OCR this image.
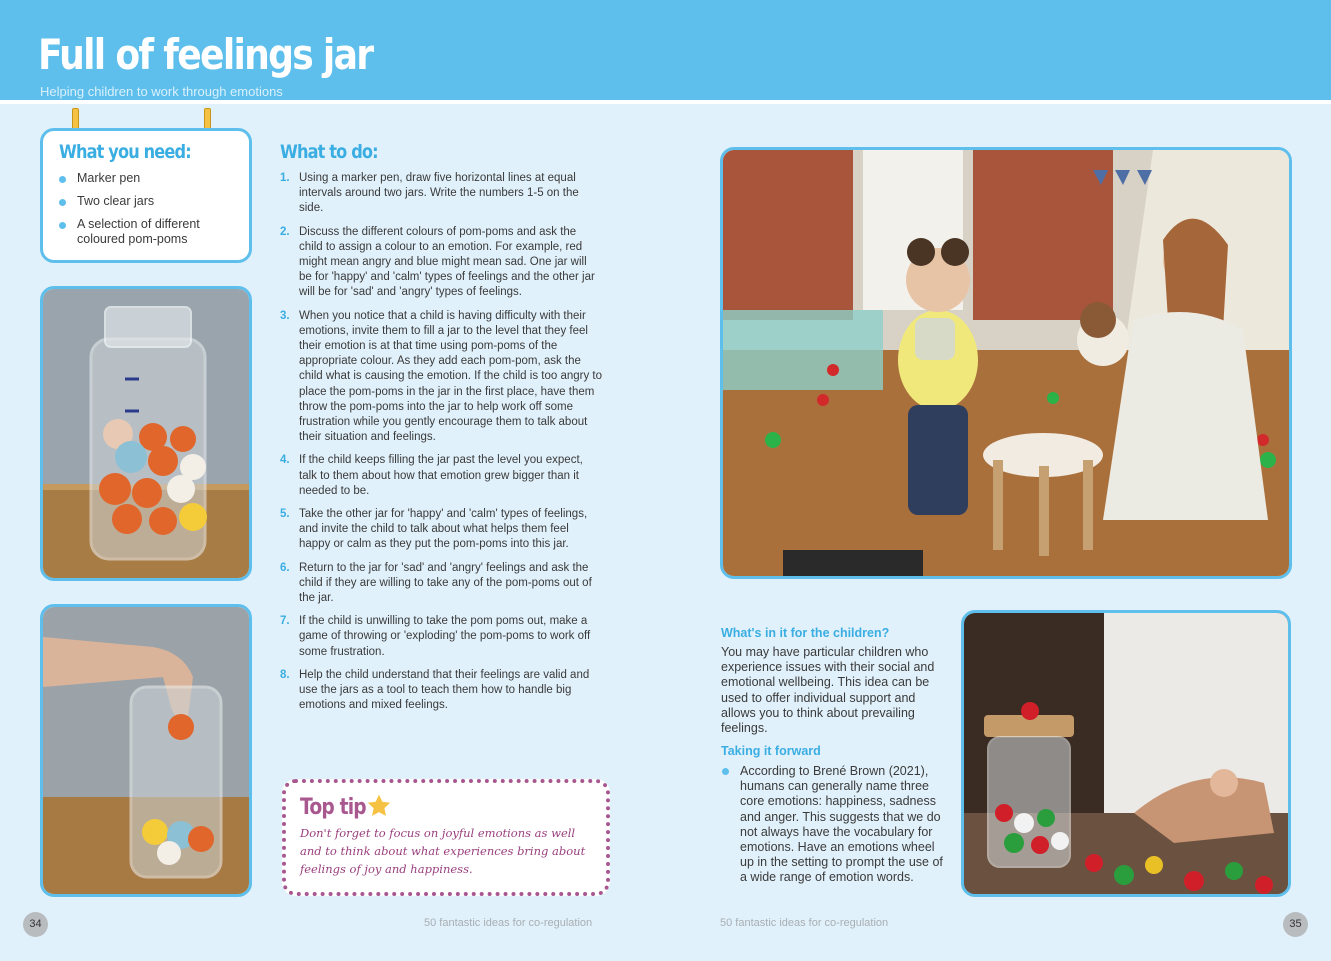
Full of feelings jar
Helping children to work through emotions
What you need:
Marker pen
Two clear jars
A selection of different coloured pom-poms
What to do:
1. Using a marker pen, draw five horizontal lines at equal intervals around two jars. Write the numbers 1-5 on the side.
2. Discuss the different colours of pom-poms and ask the child to assign a colour to an emotion. For example, red might mean angry and blue might mean sad. One jar will be for 'happy' and 'calm' types of feelings and the other jar will be for 'sad' and 'angry' types of feelings.
3. When you notice that a child is having difficulty with their emotions, invite them to fill a jar to the level that they feel their emotion is at that time using pom-poms of the appropriate colour. As they add each pom-pom, ask the child what is causing the emotion. If the child is too angry to place the pom-poms in the jar in the first place, have them throw the pom-poms into the jar to help work off some frustration while you gently encourage them to talk about their situation and feelings.
4. If the child keeps filling the jar past the level you expect, talk to them about how that emotion grew bigger than it needed to be.
5. Take the other jar for 'happy' and 'calm' types of feelings, and invite the child to talk about what helps them feel happy or calm as they put the pom-poms into this jar.
6. Return to the jar for 'sad' and 'angry' feelings and ask the child if they are willing to take any of the pom-poms out of the jar.
7. If the child is unwilling to take the pom poms out, make a game of throwing or 'exploding' the pom-poms to work off some frustration.
8. Help the child understand that their feelings are valid and use the jars as a tool to teach them how to handle big emotions and mixed feelings.
Top tip
Don't forget to focus on joyful emotions as well and to think about what experiences bring about feelings of joy and happiness.
What's in it for the children?
You may have particular children who experience issues with their social and emotional wellbeing. This idea can be used to offer individual support and allows you to think about prevailing feelings.
Taking it forward
According to Brené Brown (2021), humans can generally name three core emotions: happiness, sadness and anger. This suggests that we do not always have the vocabulary for emotions. Have an emotions wheel up in the setting to prompt the use of a wide range of emotion words.
34	50 fantastic ideas for co-regulation	50 fantastic ideas for co-regulation	35
